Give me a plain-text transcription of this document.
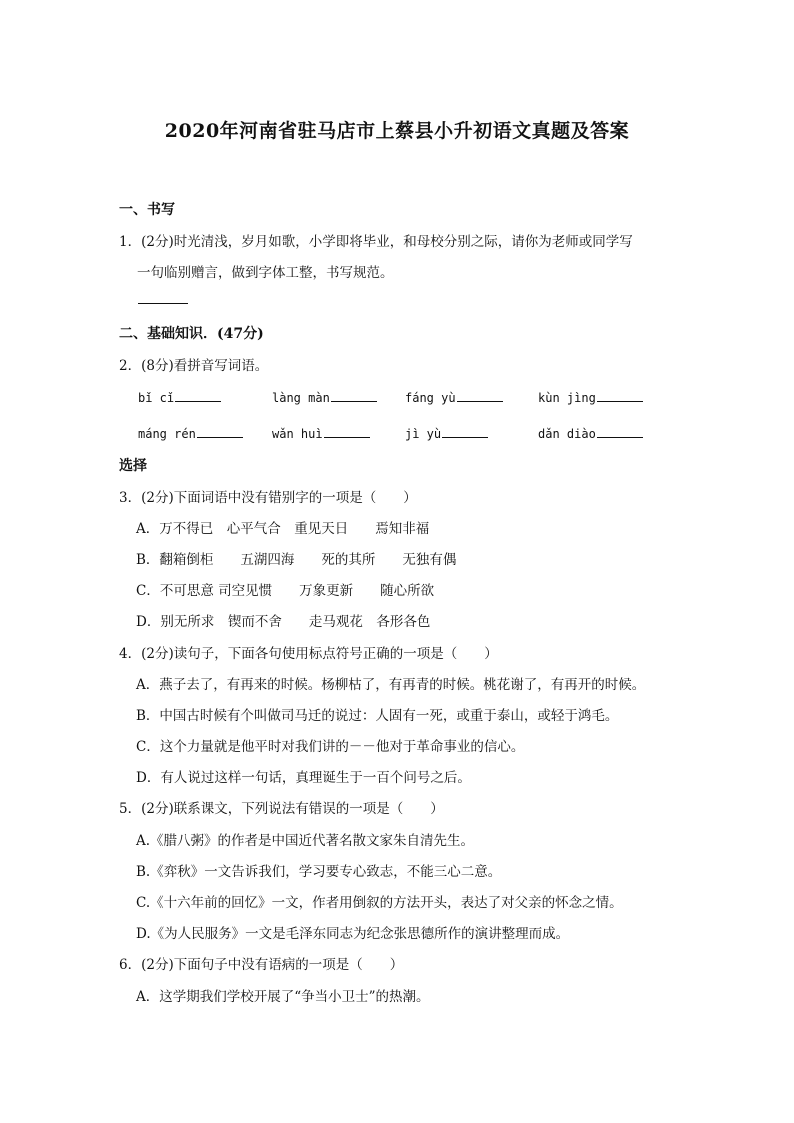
2020年河南省驻马店市上蔡县小升初语文真题及答案
一、书写
1．(2分)时光清浅，岁月如歌，小学即将毕业，和母校分别之际，请你为老师或同学写
一句临别赠言，做到字体工整，书写规范。
二、基础知识．(47分)
2．(8分)看拼音写词语。
bǐ cǐ	làng màn	fáng yù	kùn jìng
máng rén	wǎn huì	jì yù	dǎn diào
选择
3．(2分)下面词语中没有错别字的一项是（　　）
A．万不得已　心平气合　重见天日　　焉知非福
B．翻箱倒柜　　五湖四海　　死的其所　　无独有偶
C．不可思意 司空见惯　　万象更新　　随心所欲
D．别无所求　锲而不舍　　走马观花　各形各色
4．(2分)读句子，下面各句使用标点符号正确的一项是（　　）
A．燕子去了，有再来的时候。杨柳枯了，有再青的时候。桃花谢了，有再开的时候。
B．中国古时候有个叫做司马迁的说过：人固有一死，或重于泰山，或轻于鸿毛。
C．这个力量就是他平时对我们讲的－－他对于革命事业的信心。
D．有人说过这样一句话，真理诞生于一百个问号之后。
5．(2分)联系课文，下列说法有错误的一项是（　　）
A.《腊八粥》的作者是中国近代著名散文家朱自清先生。
B.《弈秋》一文告诉我们，学习要专心致志，不能三心二意。
C.《十六年前的回忆》一文，作者用倒叙的方法开头，表达了对父亲的怀念之情。
D.《为人民服务》一文是毛泽东同志为纪念张思德所作的演讲整理而成。
6．(2分)下面句子中没有语病的一项是（　　）
A．这学期我们学校开展了“争当小卫士”的热潮。
